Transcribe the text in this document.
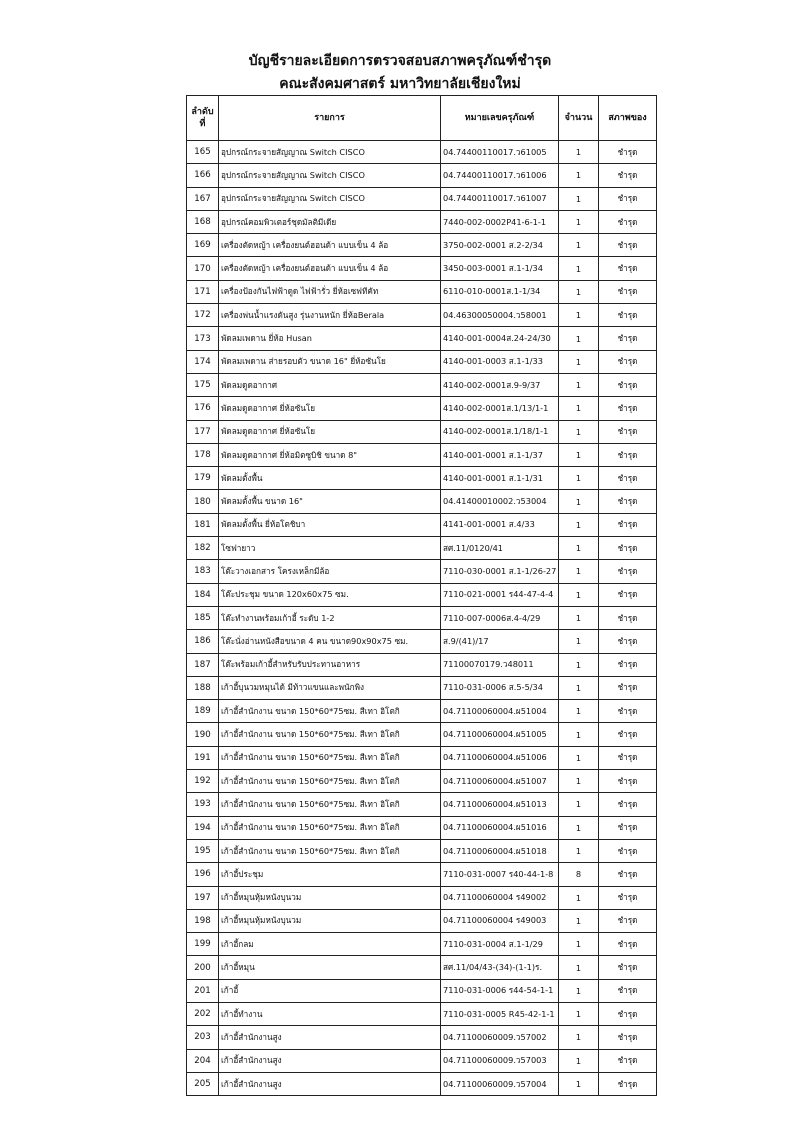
บัญชีรายละเอียดการตรวจสอบสภาพครุภัณฑ์ชำรุด
คณะสังคมศาสตร์ มหาวิทยาลัยเชียงใหม่
ลำดับที่	รายการ	หมายเลขครุภัณฑ์	จำนวน	สภาพของ
165	อุปกรณ์กระจายสัญญาณ Switch CISCO	04.74400110017.ว61005	1	ชำรุด
166	อุปกรณ์กระจายสัญญาณ Switch CISCO	04.74400110017.ว61006	1	ชำรุด
167	อุปกรณ์กระจายสัญญาณ Switch CISCO	04.74400110017.ว61007	1	ชำรุด
168	อุปกรณ์คอมพิวเตอร์ชุดมัลติมีเดีย	7440-002-0002P41-6-1-1	1	ชำรุด
169	เครื่องตัดหญ้า เครื่องยนต์ฮอนด้า แบบเข็น 4 ล้อ	3750-002-0001 ส.2-2/34	1	ชำรุด
170	เครื่องตัดหญ้า เครื่องยนต์ฮอนด้า แบบเข็น 4 ล้อ	3450-003-0001 ส.1-1/34	1	ชำรุด
171	เครื่องป้องกันไฟฟ้าดูด ไฟฟ้ารั่ว ยี่ห้อเซฟทีคัท	6110-010-0001ส.1-1/34	1	ชำรุด
172	เครื่องพ่นน้ำแรงดันสูง รุ่นงานหนัก ยี่ห้อBerala	04.46300050004.ว58001	1	ชำรุด
173	พัดลมเพดาน ยี่ห้อ Husan	4140-001-0004ส.24-24/30	1	ชำรุด
174	พัดลมเพดาน ส่ายรอบตัว ขนาด 16" ยี่ห้อซันโย	4140-001-0003 ส.1-1/33	1	ชำรุด
175	พัดลมดูดอากาศ	4140-002-0001ส.9-9/37	1	ชำรุด
176	พัดลมดูดอากาศ ยี่ห้อซันโย	4140-002-0001ส.1/13/1-1	1	ชำรุด
177	พัดลมดูดอากาศ ยี่ห้อซันโย	4140-002-0001ส.1/18/1-1	1	ชำรุด
178	พัดลมดูดอากาศ ยี่ห้อมิตซูบิชิ ขนาด 8"	4140-001-0001 ส.1-1/37	1	ชำรุด
179	พัดลมตั้งพื้น	4140-001-0001 ส.1-1/31	1	ชำรุด
180	พัดลมตั้งพื้น ขนาด 16"	04.41400010002.ว53004	1	ชำรุด
181	พัดลมตั้งพื้น ยี่ห้อโตชิบา	4141-001-0001 ส.4/33	1	ชำรุด
182	โซฟายาว	สศ.11/0120/41	1	ชำรุด
183	โต๊ะวางเอกสาร โครงเหล็กมีล้อ	7110-030-0001 ส.1-1/26-27	1	ชำรุด
184	โต๊ะประชุม ขนาด 120x60x75 ซม.	7110-021-0001 ร44-47-4-4	1	ชำรุด
185	โต๊ะทำงานพร้อมเก้าอี้ ระดับ 1-2	7110-007-0006ส.4-4/29	1	ชำรุด
186	โต๊ะนั่งอ่านหนังสือขนาด 4 คน ขนาด90x90x75 ซม.	ส.9/(41)/17	1	ชำรุด
187	โต๊ะพร้อมเก้าอี้สำหรับรับประทานอาหาร	71100070179.ว48011	1	ชำรุด
188	เก้าอี้บุนวมหมุนได้ มีท้าวแขนและพนักพิง	7110-031-0006 ส.5-5/34	1	ชำรุด
189	เก้าอี้สำนักงาน ขนาด 150*60*75ซม. สีเทา อิโตกิ	04.71100060004.ผ51004	1	ชำรุด
190	เก้าอี้สำนักงาน ขนาด 150*60*75ซม. สีเทา อิโตกิ	04.71100060004.ผ51005	1	ชำรุด
191	เก้าอี้สำนักงาน ขนาด 150*60*75ซม. สีเทา อิโตกิ	04.71100060004.ผ51006	1	ชำรุด
192	เก้าอี้สำนักงาน ขนาด 150*60*75ซม. สีเทา อิโตกิ	04.71100060004.ผ51007	1	ชำรุด
193	เก้าอี้สำนักงาน ขนาด 150*60*75ซม. สีเทา อิโตกิ	04.71100060004.ผ51013	1	ชำรุด
194	เก้าอี้สำนักงาน ขนาด 150*60*75ซม. สีเทา อิโตกิ	04.71100060004.ผ51016	1	ชำรุด
195	เก้าอี้สำนักงาน ขนาด 150*60*75ซม. สีเทา อิโตกิ	04.71100060004.ผ51018	1	ชำรุด
196	เก้าอี้ประชุม	7110-031-0007 ร40-44-1-8	8	ชำรุด
197	เก้าอี้หมุนหุ้มหนังบุนวม	04.71100060004 ร49002	1	ชำรุด
198	เก้าอี้หมุนหุ้มหนังบุนวม	04.71100060004 ร49003	1	ชำรุด
199	เก้าอี้กลม	7110-031-0004 ส.1-1/29	1	ชำรุด
200	เก้าอี้หมุน	สศ.11/04/43-(34)-(1-1)ร.	1	ชำรุด
201	เก้าอี้	7110-031-0006 ร44-54-1-1	1	ชำรุด
202	เก้าอี้ทำงาน	7110-031-0005 R45-42-1-1	1	ชำรุด
203	เก้าอี้สำนักงานสูง	04.71100060009.ว57002	1	ชำรุด
204	เก้าอี้สำนักงานสูง	04.71100060009.ว57003	1	ชำรุด
205	เก้าอี้สำนักงานสูง	04.71100060009.ว57004	1	ชำรุด
